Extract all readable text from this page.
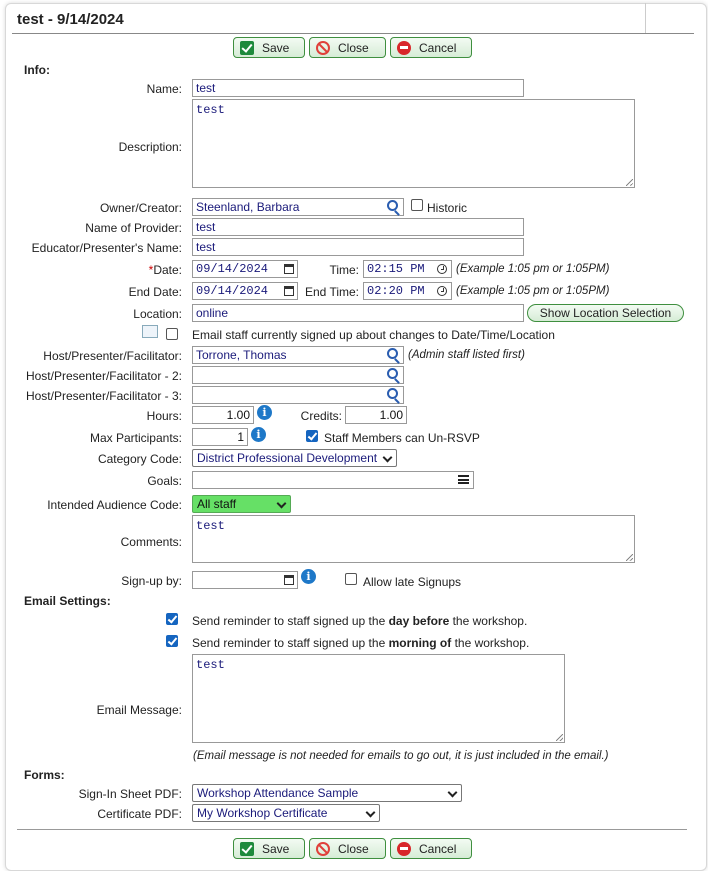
test - 9/14/2024
Save	Close	Cancel
Info:
Name:	test
Description:
test
Owner/Creator:	Steenland, Barbara	Historic
Name of Provider:	test
Educator/Presenter's Name:	test
*Date:	09/14/2024	Time: 02:15 PM	(Example 1:05 pm or 1:05PM)
End Date:	09/14/2024	End Time: 02:20 PM	(Example 1:05 pm or 1:05PM)
Location:	online	Show Location Selection
Email staff currently signed up about changes to Date/Time/Location
Host/Presenter/Facilitator:	Torrone, Thomas	(Admin staff listed first)
Host/Presenter/Facilitator - 2:
Host/Presenter/Facilitator - 3:
Hours:	1.00	i	Credits:	1.00
Max Participants:	1	i	Staff Members can Un-RSVP
Category Code:	District Professional Development
Goals:
Intended Audience Code:	All staff
Comments:
test
Sign-up by:	i	Allow late Signups
Email Settings:
Send reminder to staff signed up the day before the workshop.
Send reminder to staff signed up the morning of the workshop.
Email Message:
test
(Email message is not needed for emails to go out, it is just included in the email.)
Forms:
Sign-In Sheet PDF:	Workshop Attendance Sample
Certificate PDF:	My Workshop Certificate
Save	Close	Cancel
